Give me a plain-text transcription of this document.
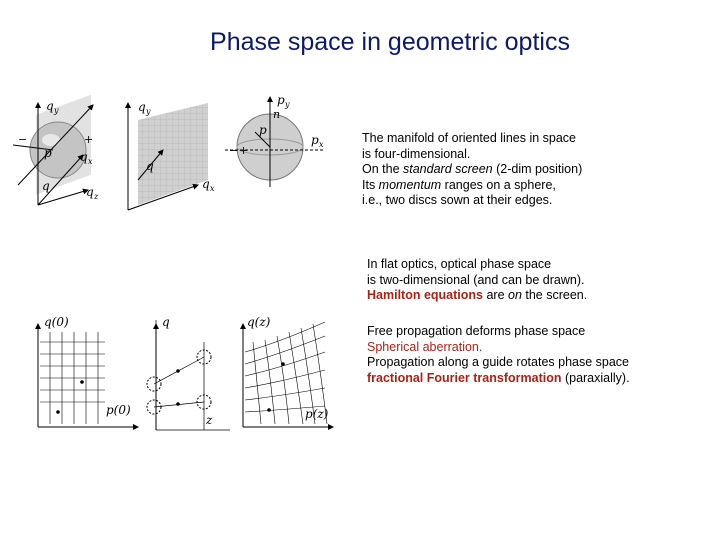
Phase space in geometric optics
q y
q x
q z
p
q
+
−
q y
q x
q
p y
n
p x
p
+
−
q(0)
p(0)
q
z
q(z)
p(z)
The manifold of oriented lines in space
is four-dimensional.
On the standard screen (2-dim position)
Its momentum ranges on a sphere,
i.e., two discs sown at their edges.
In flat optics, optical phase space
is two-dimensional (and can be drawn).
Hamilton equations are on the screen.
Free propagation deforms phase space
Spherical aberration.
Propagation along a guide rotates phase space
fractional Fourier transformation (paraxially).
